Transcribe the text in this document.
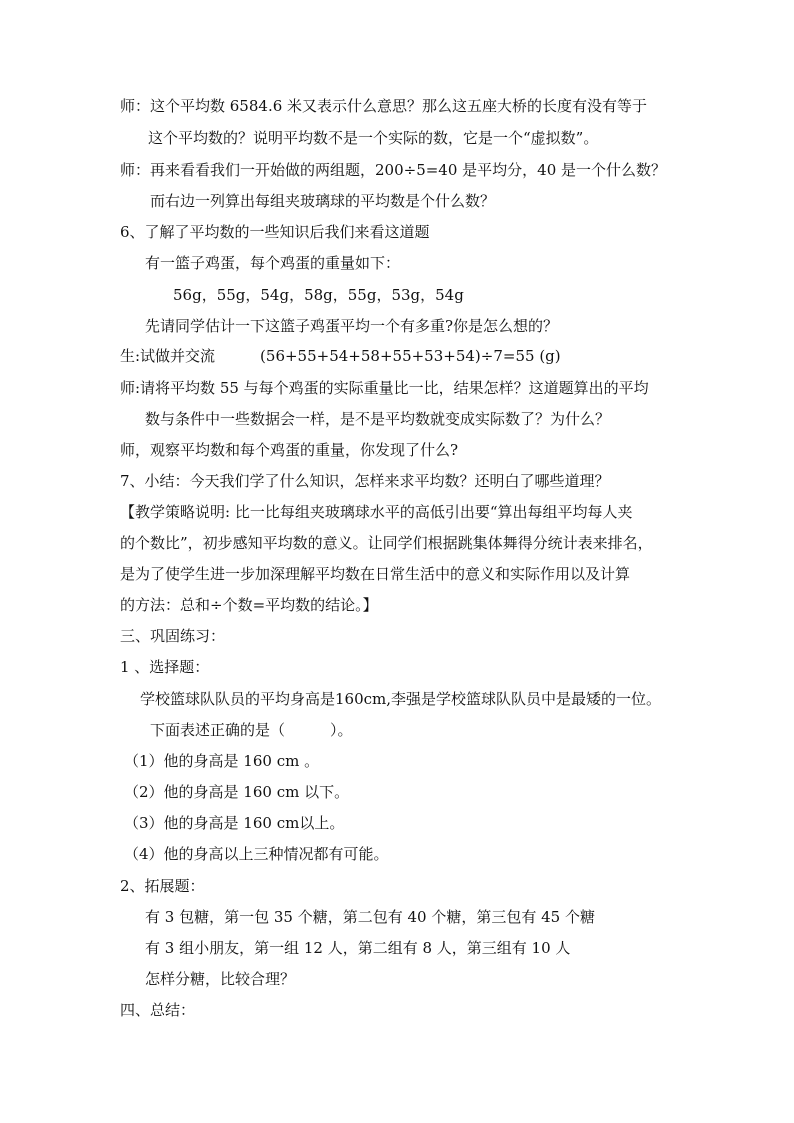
师：这个平均数 6584.6 米又表示什么意思？那么这五座大桥的长度有没有等于

这个平均数的？说明平均数不是一个实际的数，它是一个“虚拟数”。

师：再来看看我们一开始做的两组题，200÷5=40 是平均分，40 是一个什么数？

而右边一列算出每组夹玻璃球的平均数是个什么数？

6、了解了平均数的一些知识后我们来看这道题

有一篮子鸡蛋，每个鸡蛋的重量如下：

56g，55g，54g，58g，55g，53g，54g

先请同学估计一下这篮子鸡蛋平均一个有多重?你是怎么想的？

生:试做并交流　　　(56+55+54+58+55+53+54)÷7=55 (g)

师:请将平均数 55 与每个鸡蛋的实际重量比一比，结果怎样？这道题算出的平均

数与条件中一些数据会一样，是不是平均数就变成实际数了？为什么？

师，观察平均数和每个鸡蛋的重量，你发现了什么?

7、小结：今天我们学了什么知识，怎样来求平均数？还明白了哪些道理？

【教学策略说明: 比一比每组夹玻璃球水平的高低引出要“算出每组平均每人夹

的个数比”，初步感知平均数的意义。让同学们根据跳集体舞得分统计表来排名，

是为了使学生进一步加深理解平均数在日常生活中的意义和实际作用以及计算

的方法：总和÷个数=平均数的结论。】

三、巩固练习：

1 、选择题：

学校篮球队队员的平均身高是160cm,李强是学校篮球队队员中是最矮的一位。

下面表述正确的是（　　　）。

（1）他的身高是 160 cm 。

（2）他的身高是 160 cm 以下。

（3）他的身高是 160 cm以上。

（4）他的身高以上三种情况都有可能。

2、拓展题：

有 3 包糖，第一包 35 个糖，第二包有 40 个糖，第三包有 45 个糖

有 3 组小朋友，第一组 12 人，第二组有 8 人，第三组有 10 人

怎样分糖，比较合理？

四、总结：
